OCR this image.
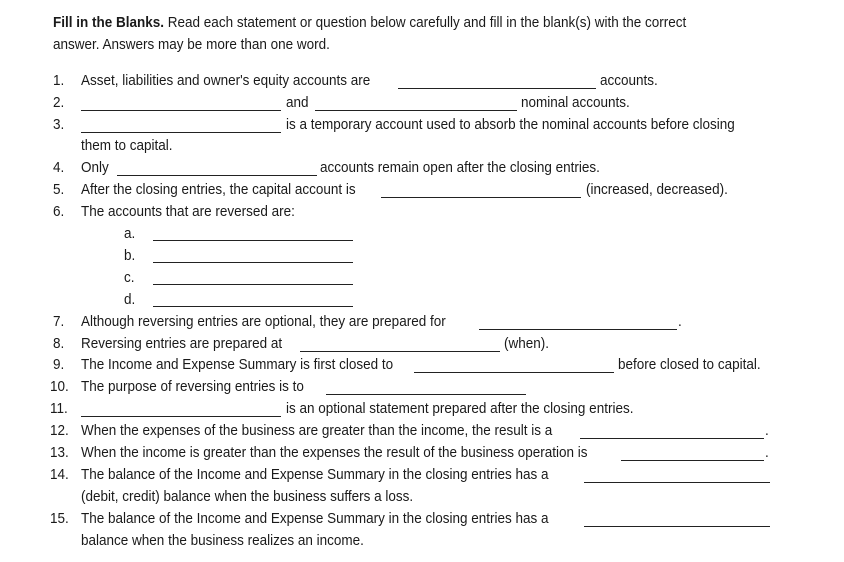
Fill in the Blanks. Read each statement or question below carefully and fill in the blank(s) with the correct
answer. Answers may be more than one word.
1. Asset, liabilities and owner's equity accounts are	accounts.
2.	and	nominal accounts.
3.	is a temporary account used to absorb the nominal accounts before closing
them to capital.
4. Only	accounts remain open after the closing entries.
5. After the closing entries, the capital account is	(increased, decreased).
6. The accounts that are reversed are:
a.
b.
c.
d.
7. Although reversing entries are optional, they are prepared for	.
8. Reversing entries are prepared at	(when).
9. The Income and Expense Summary is first closed to	before closed to capital.
10. The purpose of reversing entries is to
11.	is an optional statement prepared after the closing entries.
12. When the expenses of the business are greater than the income, the result is a	.
13. When the income is greater than the expenses the result of the business operation is	.
14. The balance of the Income and Expense Summary in the closing entries has a
(debit, credit) balance when the business suffers a loss.
15. The balance of the Income and Expense Summary in the closing entries has a
balance when the business realizes an income.
